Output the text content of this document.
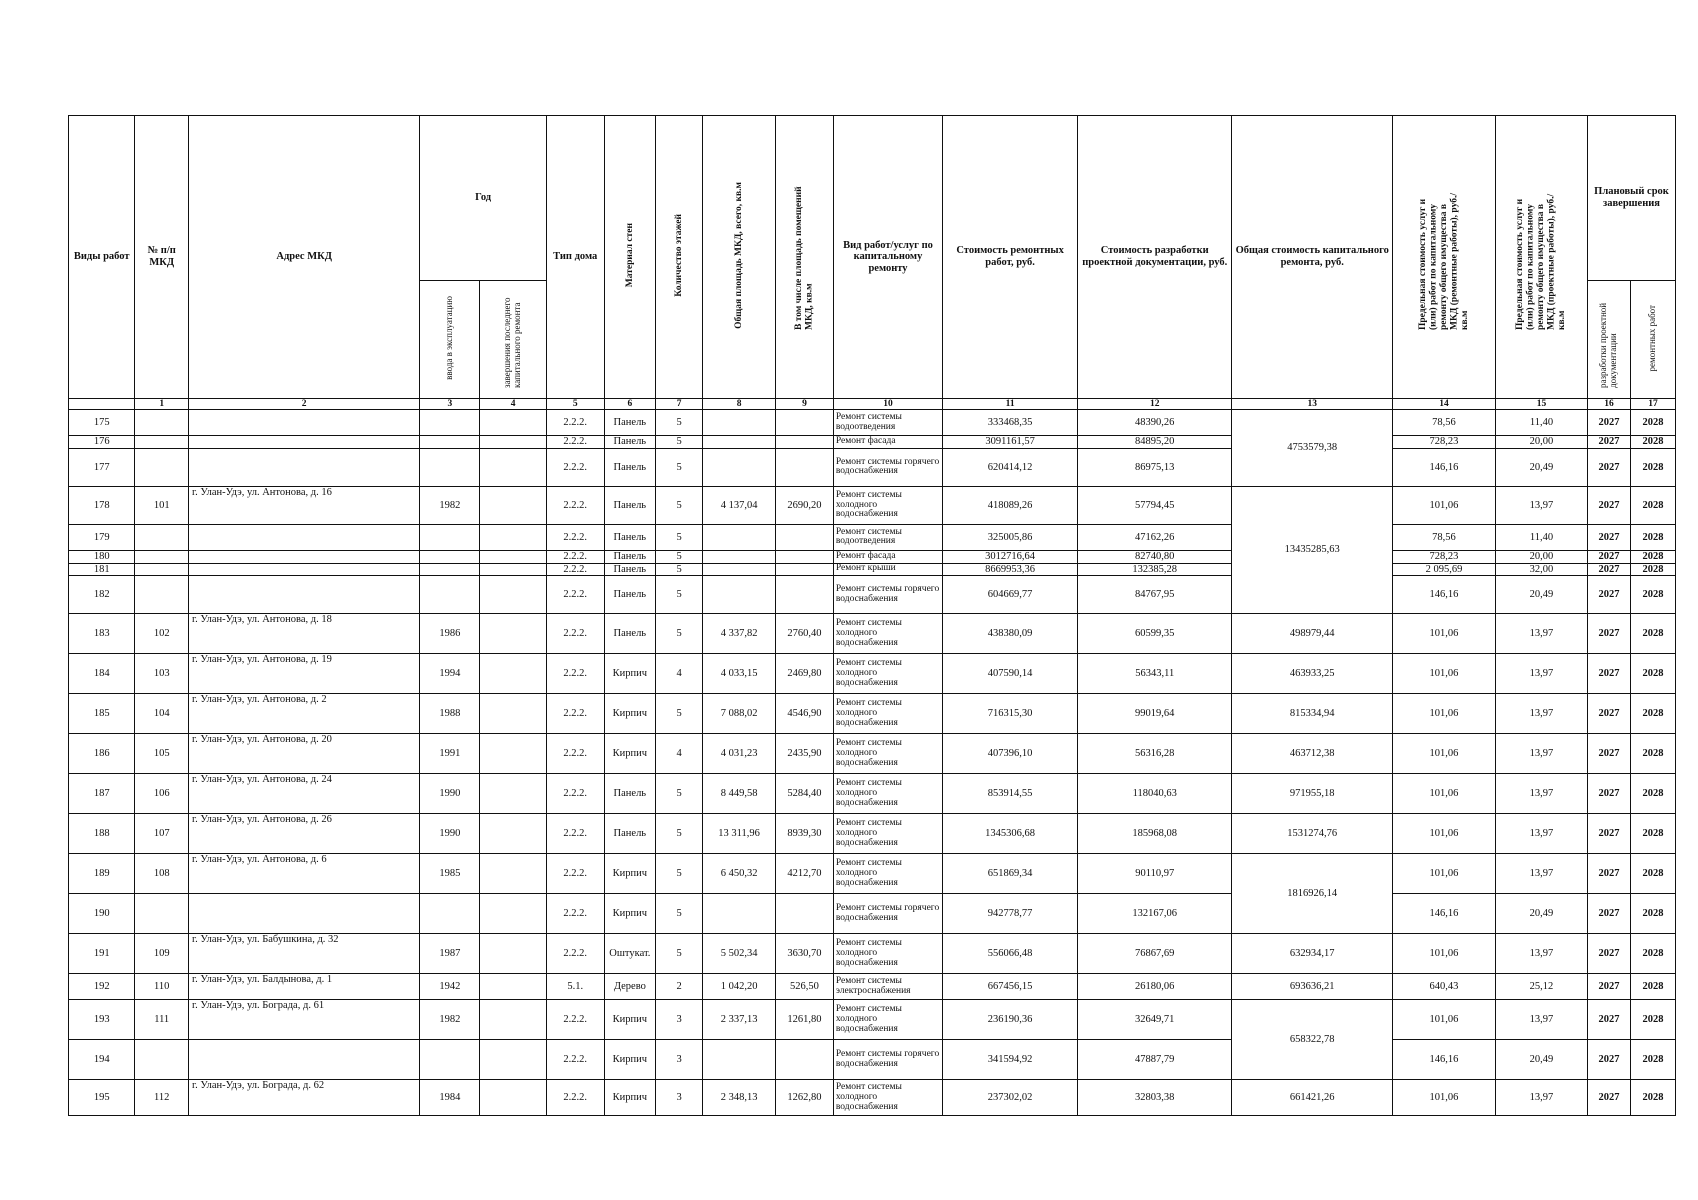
Виды работ	№ п/п МКД	Адрес МКД	Год		Тип дома	Материал стен	Количество этажей	Общая площадь МКД, всего, кв.м	В том числе площадь помещений МКД, кв.м	Вид работ/услуг по капитальному ремонту	Стоимость ремонтных работ, руб.	Стоимость разработки проектной документации, руб.	Общая стоимость капитального ремонта, руб.	Предельная стоимость услуг и (или) работ по капитальному ремонту общего имущества в МКД (ремонтные работы), руб./кв.м	Предельная стоимость услуг и (или) работ по капитальному ремонту общего имущества в МКД (проектные работы), руб./кв.м	Плановый срок завершения	
			ввода в эксплуатацию	завершения последнего капитального ремонта												разработки проектной документации	ремонтных работ
	1	2	3	4	5	6	7	8	9	10	11	12	13	14	15	16	17
175					2.2.2.	Панель	5			Ремонт системы водоотведения	333468,35	48390,26	4753579,38	78,56	11,40	2027	2028
176					2.2.2.	Панель	5			Ремонт фасада	3091161,57	84895,20		728,23	20,00	2027	2028
177					2.2.2.	Панель	5			Ремонт системы горячего водоснабжения	620414,12	86975,13		146,16	20,49	2027	2028
178	101	г. Улан-Удэ, ул. Антонова, д. 16	1982		2.2.2.	Панель	5	4 137,04	2690,20	Ремонт системы холодного водоснабжения	418089,26	57794,45	13435285,63	101,06	13,97	2027	2028
179					2.2.2.	Панель	5			Ремонт системы водоотведения	325005,86	47162,26		78,56	11,40	2027	2028
180					2.2.2.	Панель	5			Ремонт фасада	3012716,64	82740,80		728,23	20,00	2027	2028
181					2.2.2.	Панель	5			Ремонт крыши	8669953,36	132385,28		2 095,69	32,00	2027	2028
182					2.2.2.	Панель	5			Ремонт системы горячего водоснабжения	604669,77	84767,95		146,16	20,49	2027	2028
183	102	г. Улан-Удэ, ул. Антонова, д. 18	1986		2.2.2.	Панель	5	4 337,82	2760,40	Ремонт системы холодного водоснабжения	438380,09	60599,35	498979,44	101,06	13,97	2027	2028
184	103	г. Улан-Удэ, ул. Антонова, д. 19	1994		2.2.2.	Кирпич	4	4 033,15	2469,80	Ремонт системы холодного водоснабжения	407590,14	56343,11	463933,25	101,06	13,97	2027	2028
185	104	г. Улан-Удэ, ул. Антонова, д. 2	1988		2.2.2.	Кирпич	5	7 088,02	4546,90	Ремонт системы холодного водоснабжения	716315,30	99019,64	815334,94	101,06	13,97	2027	2028
186	105	г. Улан-Удэ, ул. Антонова, д. 20	1991		2.2.2.	Кирпич	4	4 031,23	2435,90	Ремонт системы холодного водоснабжения	407396,10	56316,28	463712,38	101,06	13,97	2027	2028
187	106	г. Улан-Удэ, ул. Антонова, д. 24	1990		2.2.2.	Панель	5	8 449,58	5284,40	Ремонт системы холодного водоснабжения	853914,55	118040,63	971955,18	101,06	13,97	2027	2028
188	107	г. Улан-Удэ, ул. Антонова, д. 26	1990		2.2.2.	Панель	5	13 311,96	8939,30	Ремонт системы холодного водоснабжения	1345306,68	185968,08	1531274,76	101,06	13,97	2027	2028
189	108	г. Улан-Удэ, ул. Антонова, д. 6	1985		2.2.2.	Кирпич	5	6 450,32	4212,70	Ремонт системы холодного водоснабжения	651869,34	90110,97	1816926,14	101,06	13,97	2027	2028
190					2.2.2.	Кирпич	5			Ремонт системы горячего водоснабжения	942778,77	132167,06		146,16	20,49	2027	2028
191	109	г. Улан-Удэ, ул. Бабушкина, д. 32	1987		2.2.2.	Оштукат.	5	5 502,34	3630,70	Ремонт системы холодного водоснабжения	556066,48	76867,69	632934,17	101,06	13,97	2027	2028
192	110	г. Улан-Удэ, ул. Балдынова, д. 1	1942		5.1.	Дерево	2	1 042,20	526,50	Ремонт системы электроснабжения	667456,15	26180,06	693636,21	640,43	25,12	2027	2028
193	111	г. Улан-Удэ, ул. Бограда, д. 61	1982		2.2.2.	Кирпич	3	2 337,13	1261,80	Ремонт системы холодного водоснабжения	236190,36	32649,71	658322,78	101,06	13,97	2027	2028
194					2.2.2.	Кирпич	3			Ремонт системы горячего водоснабжения	341594,92	47887,79		146,16	20,49	2027	2028
195	112	г. Улан-Удэ, ул. Бограда, д. 62	1984		2.2.2.	Кирпич	3	2 348,13	1262,80	Ремонт системы холодного водоснабжения	237302,02	32803,38	661421,26	101,06	13,97	2027	2028
